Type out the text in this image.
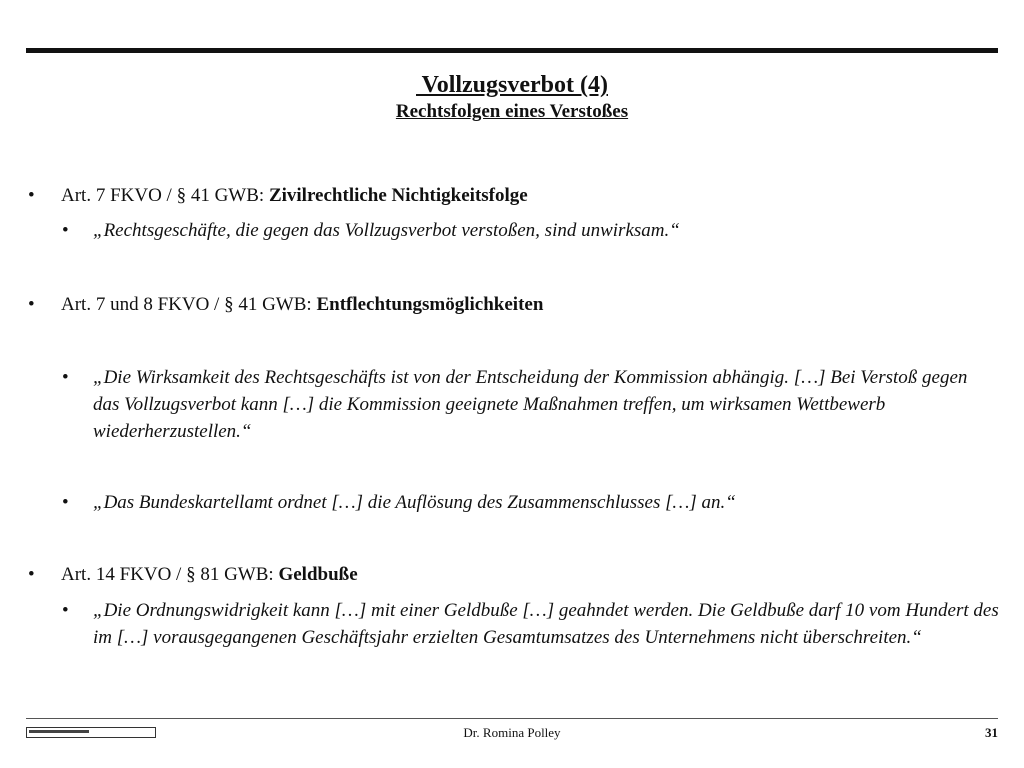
Vollzugsverbot (4)
Rechtsfolgen eines Verstoßes
• Art. 7 FKVO / § 41 GWB: Zivilrechtliche Nichtigkeitsfolge
• „Rechtsgeschäfte, die gegen das Vollzugsverbot verstoßen, sind unwirksam.“
• Art. 7 und 8 FKVO / § 41 GWB: Entflechtungsmöglichkeiten
• „Die Wirksamkeit des Rechtsgeschäfts ist von der Entscheidung der Kommission abhängig. […] Bei Verstoß gegen das Vollzugsverbot kann […] die Kommission geeignete Maßnahmen treffen, um wirksamen Wettbewerb wiederherzustellen.“
• „Das Bundeskartellamt ordnet […] die Auflösung des Zusammenschlusses […] an.“
• Art. 14 FKVO / § 81 GWB: Geldbuße
• „Die Ordnungswidrigkeit kann […] mit einer Geldbuße […] geahndet werden. Die Geldbuße darf 10 vom Hundert des im […] vorausgegangenen Geschäftsjahr erzielten Gesamtumsatzes des Unternehmens nicht überschreiten.“
Dr. Romina Polley	31
